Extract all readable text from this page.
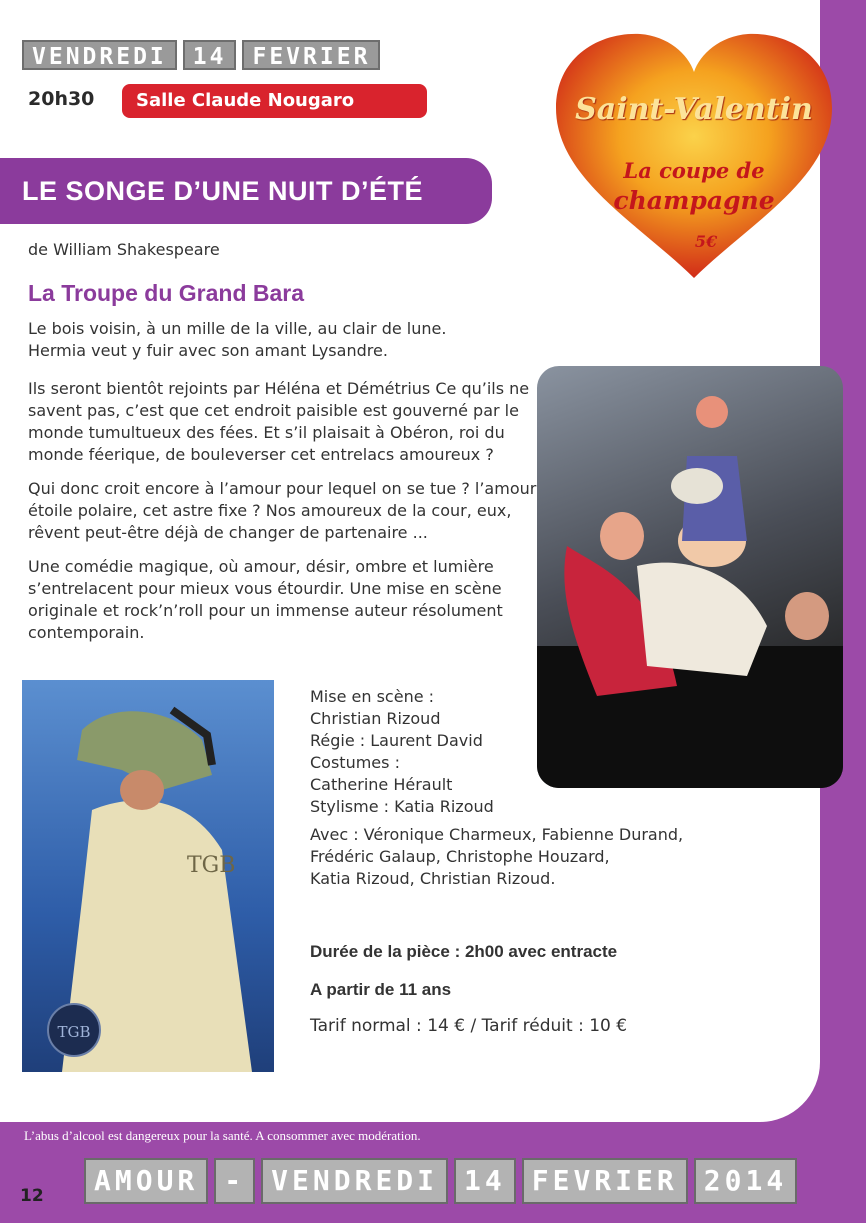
VENDREDI	14	FEVRIER
20h30	Salle Claude Nougaro
LE SONGE D’UNE NUIT D’ÉTÉ
de William Shakespeare
La Troupe du Grand Bara

Le bois voisin, à un mille de la ville, au clair de lune. Hermia veut y fuir avec son amant Lysandre.

Ils seront bientôt rejoints par Héléna et Démétrius Ce qu’ils ne savent pas, c’est que cet endroit paisible est gouverné par le monde tumultueux des fées. Et s’il plaisait à Obéron, roi du monde féerique, de bouleverser cet entrelacs amoureux ?

Qui donc croit encore à l’amour pour lequel on se tue ? l’amour étoile polaire, cet astre fixe ? Nos amoureux de la cour, eux, rêvent peut-être déjà de changer de partenaire ...

Une comédie magique, où amour, désir, ombre et lumière s’entrelacent pour mieux vous étourdir. Une mise en scène originale et rock’n’roll pour un immense auteur résolument contemporain.

Saint-Valentin
La coupe de
champagne
5€
TGB
TGB
Mise en scène :
Christian Rizoud
Régie : Laurent David
Costumes :
Catherine Hérault
Stylisme : Katia Rizoud
Avec : Véronique Charmeux, Fabienne Durand,
Frédéric Galaup, Christophe Houzard,
Katia Rizoud, Christian Rizoud.
Durée de la pièce : 2h00 avec entracte
A partir de 11 ans
Tarif normal : 14 € / Tarif réduit : 10 €
L’abus d’alcool est dangereux pour la santé. A consommer avec modération.
12	AMOUR - VENDREDI 14 FEVRIER 2014
